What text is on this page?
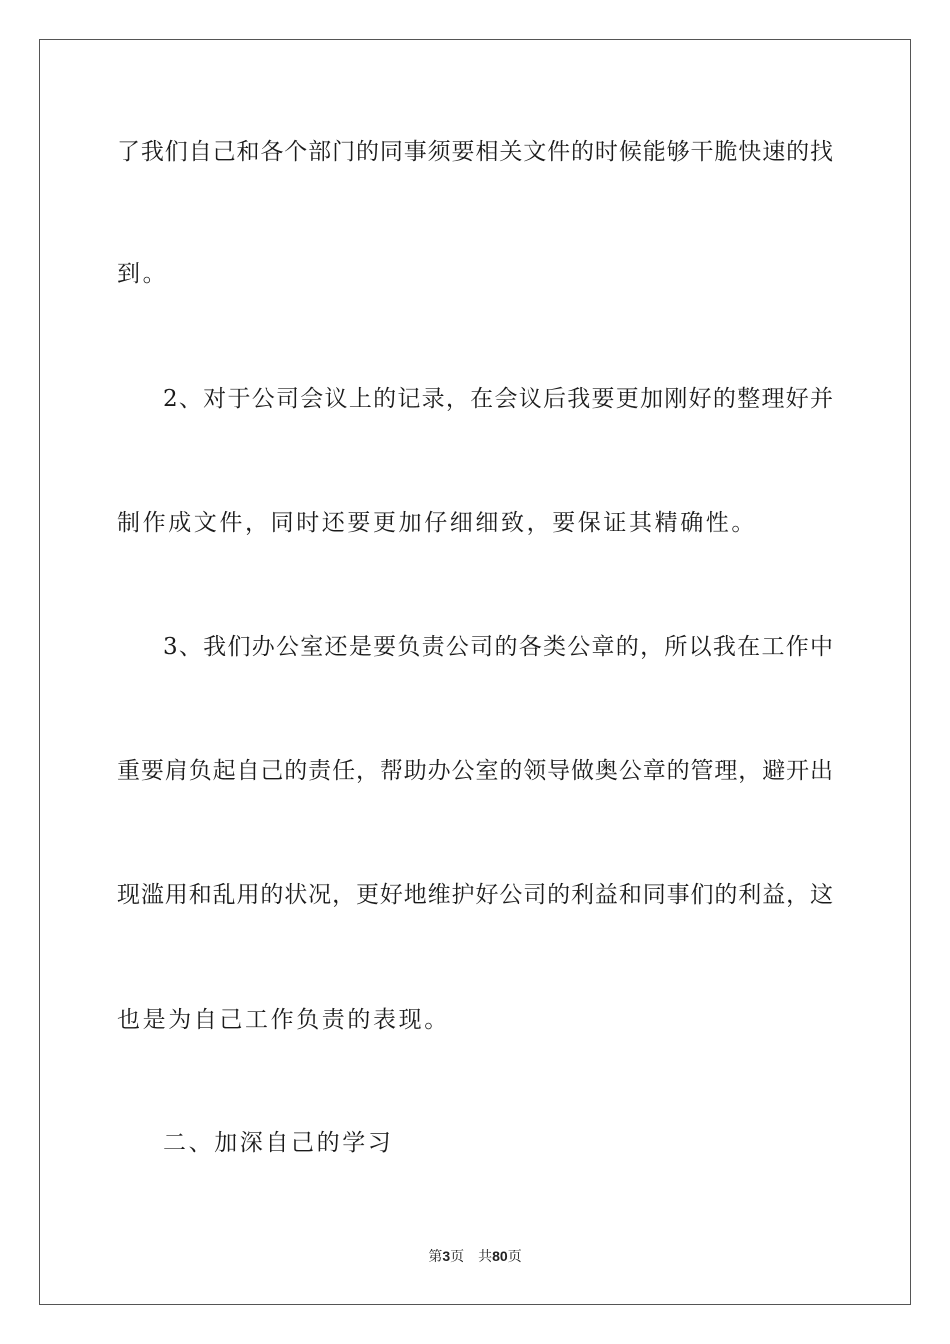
了我们自己和各个部门的同事须要相关文件的时候能够干脆快速的找
到。
2、对于公司会议上的记录，在会议后我要更加刚好的整理好并
制作成文件，同时还要更加仔细细致，要保证其精确性。
3、我们办公室还是要负责公司的各类公章的，所以我在工作中
重要肩负起自己的责任，帮助办公室的领导做奥公章的管理，避开出
现滥用和乱用的状况，更好地维护好公司的利益和同事们的利益，这
也是为自己工作负责的表现。
二、加深自己的学习
第3页 共80页
